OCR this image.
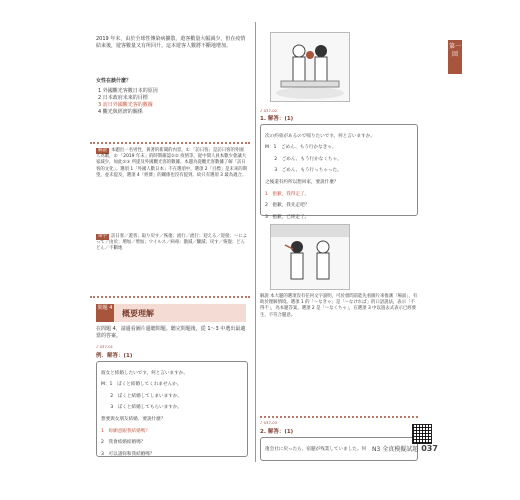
2019 年末，由於全球性傳染病擴散，遊客數量大幅減少，但在疫情結束後，遊客數量又有所回升。這本遊客人數將不斷地增加。

女性在談什麼？

1 外國觀光客數日本的原因

2 日本政府未來的目標

3 訪日外國觀光客的數據

4 觀光與經濟的關係

解說 本題出一名男性，黃著的新聞的內容，① 「訪日客」是訪日客的外國人為數，② 「2019 年末」的時期確認②② 疫情等，從中間人員本數少會讓大家減少，如此②③ 所提及外國觀光客的數據。本題為從觀光客數據了解「訪日客的文化」。選項 1「外國人數日本」不在選項中，選項 2「目標」是未來的期望，並未提及，選項 4「經濟」的關係也沒有提到。故只有選項 3 最為適合。

單字 訪日客／遊客；取り戻す／恢復；流行／流行；迎える／迎接；〜によって／由於；増加／增加；ウイルス／病毒；激減／驟減；戻す／恢復；どんどん／不斷地

問題 4
概要理解

在問題 4，請邊看圖片邊聽問題。聽完問題後，從 1～3 中選出最適當的答案。

♪ 037-01
例．解答：(1)

彼女と結婚したいです。何と言いますか。

M：1　ぼくと結婚してくれませんか。

　　2　ぼくと結婚してしまいますか。

　　3　ぼくと結婚してもらいますか。

想要與女朋友結婚，要說什麼？

1　妳願意跟我結婚嗎？

2　我會結婚結婚嗎？

3　可以請妳和我結婚嗎？

♪ 037-02
1. 解答：(1)

次の約束があるので帰りたいです。何と言いますか。

M：1　ごめん、もう行かなきゃ。

　　2　ごめん、もう行かなくちゃ。

　　3　ごめん、もう行っちゃった。

之後還有約所以想回家，要說什麼？

1　抱歉，我得走了。

2　抱歉，我先走吧？

3　抱歉，已經走了。

解說 本大題的選項沒有任何文字說明，可於發問前能先看圖片來推測「場面」，有助於理解情境。選項 1 的「〜なきゃ」是「〜なければ」的口語說法，表示「不得不」，為本題答案。選項 2 是「〜なくちゃ」，在選項 3 中以過去式表示已經發生，不符合題意。

♪ 037-03
2. 解答：(1)

復会社に戻ったら、宿題が残業していました。何

第一回
N3 全真模擬試題 037
